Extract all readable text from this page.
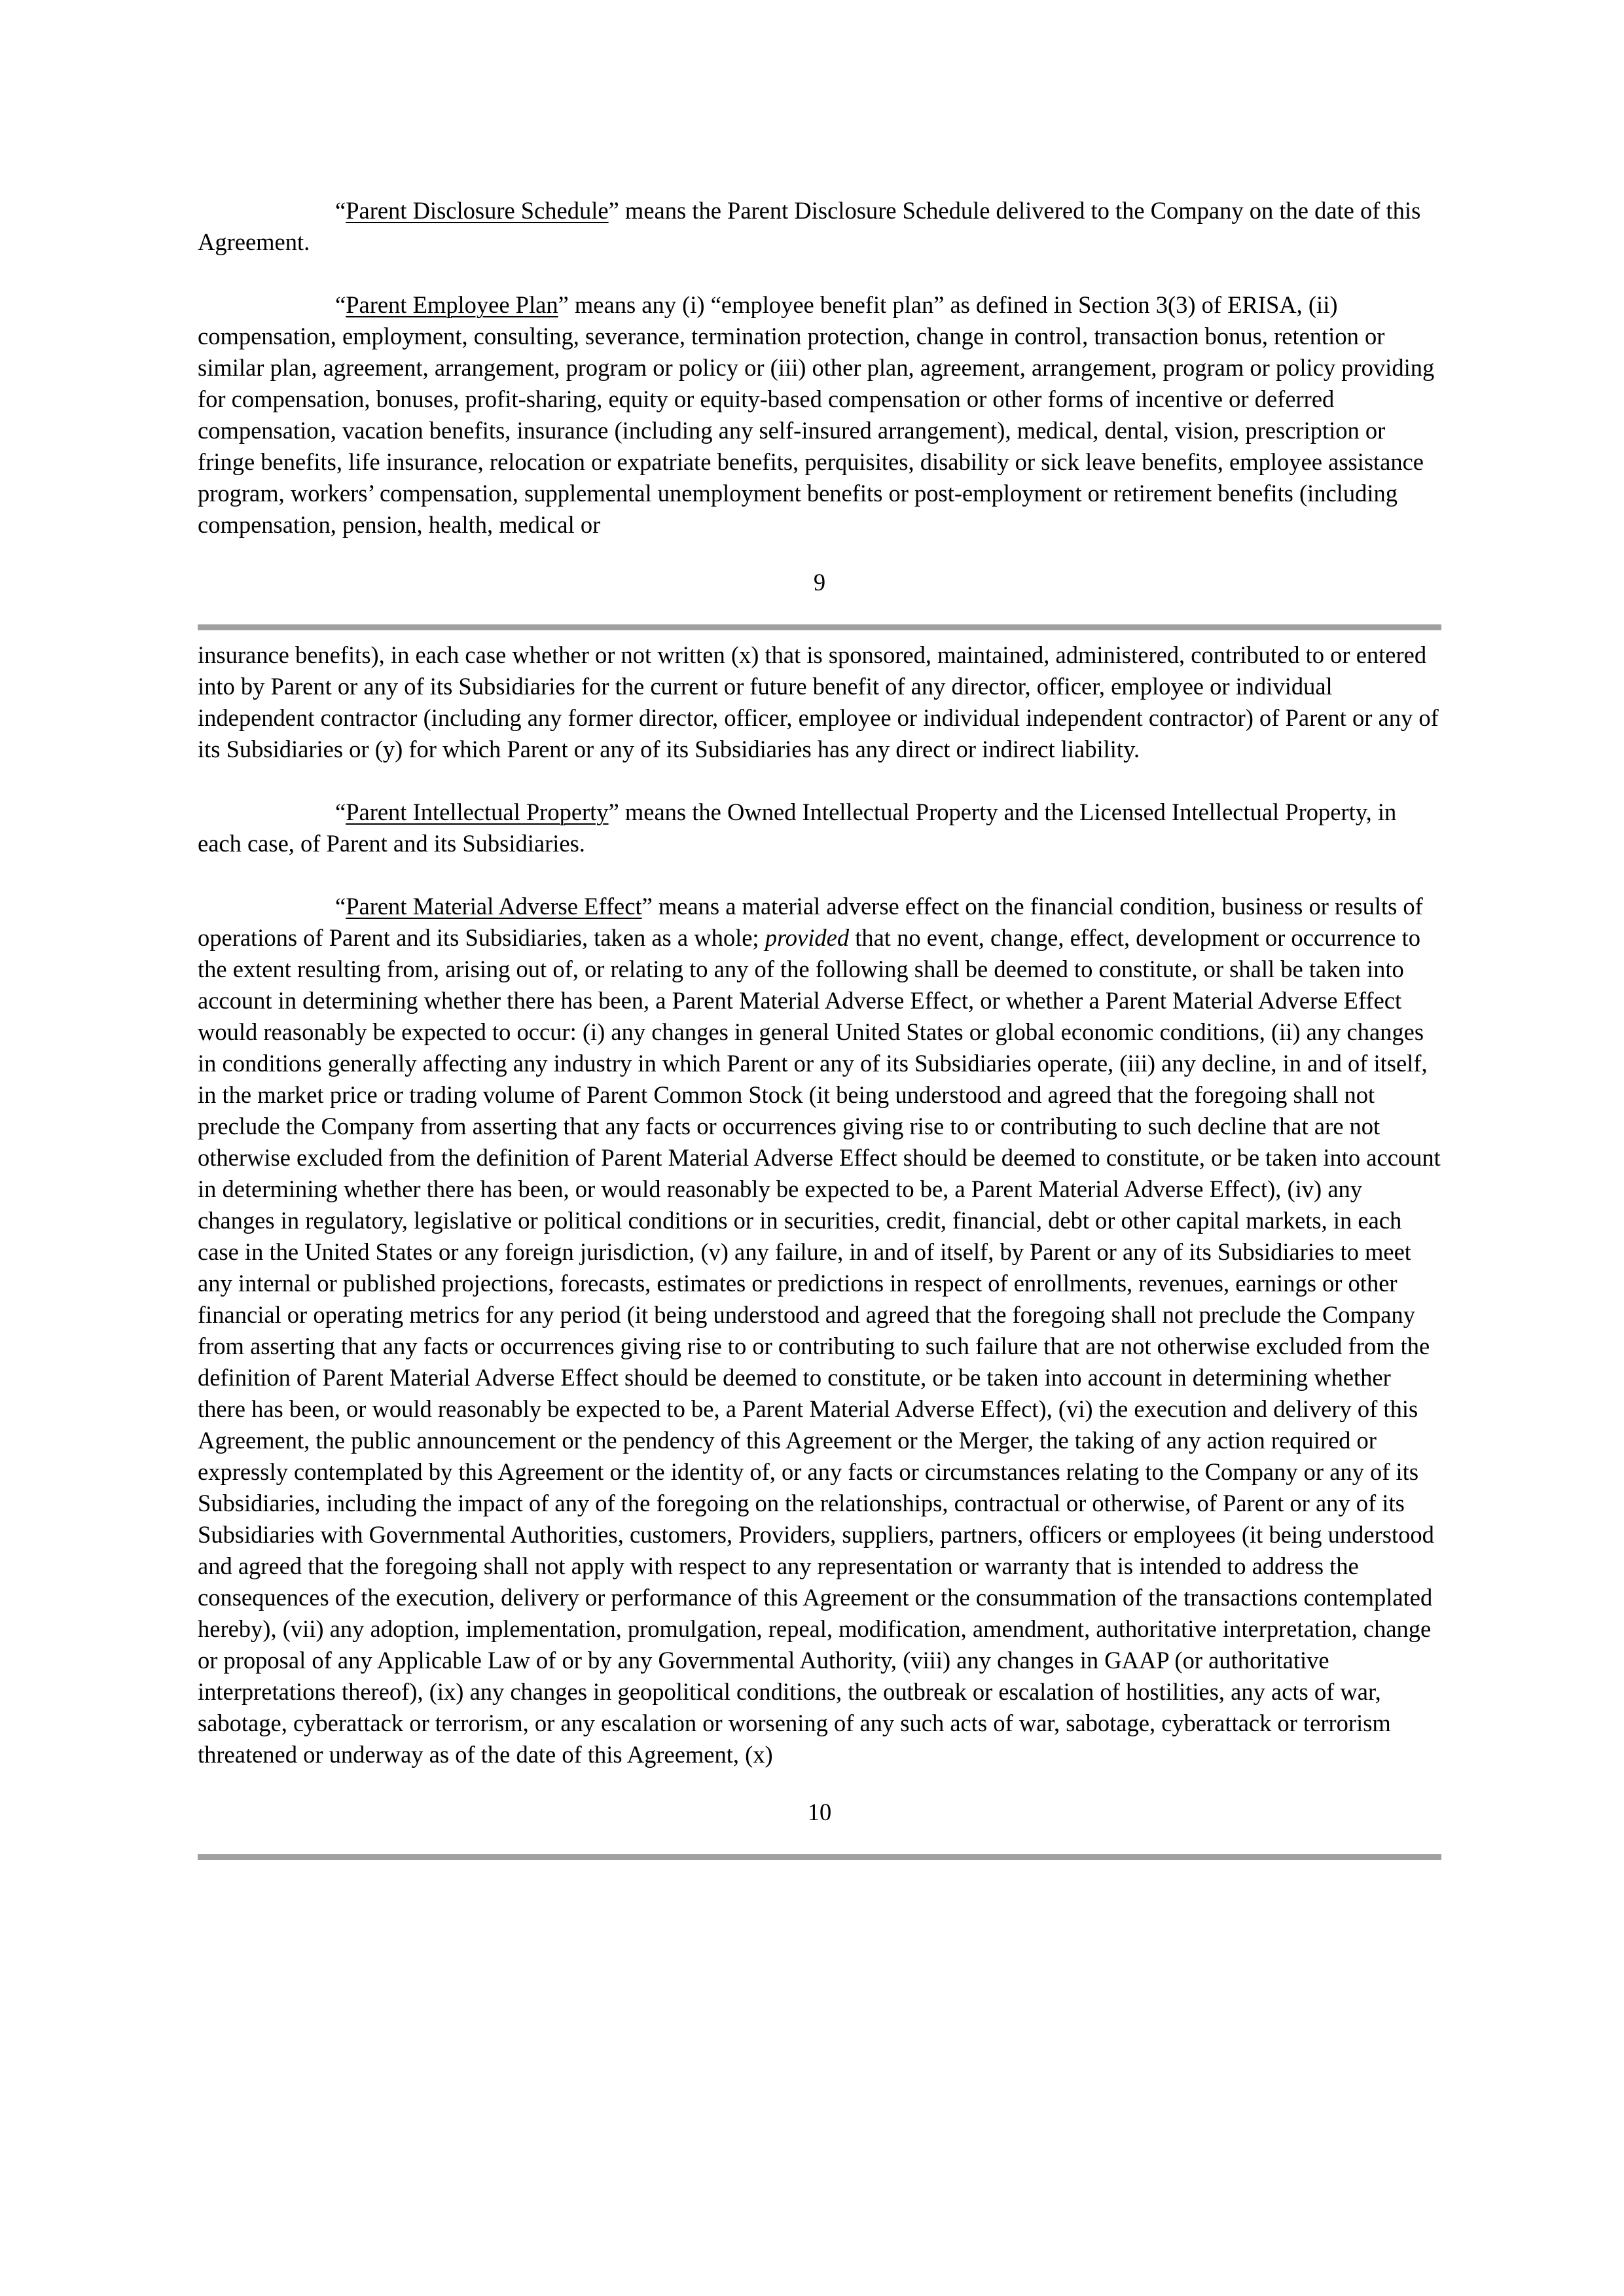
“Parent Disclosure Schedule” means the Parent Disclosure Schedule delivered to the Company on the date of this Agreement.

“Parent Employee Plan” means any (i) “employee benefit plan” as defined in Section 3(3) of ERISA, (ii) compensation, employment, consulting, severance, termination protection, change in control, transaction bonus, retention or similar plan, agreement, arrangement, program or policy or (iii) other plan, agreement, arrangement, program or policy providing for compensation, bonuses, profit-sharing, equity or equity-based compensation or other forms of incentive or deferred compensation, vacation benefits, insurance (including any self-insured arrangement), medical, dental, vision, prescription or fringe benefits, life insurance, relocation or expatriate benefits, perquisites, disability or sick leave benefits, employee assistance program, workers’ compensation, supplemental unemployment benefits or post-employment or retirement benefits (including compensation, pension, health, medical or

9

insurance benefits), in each case whether or not written (x) that is sponsored, maintained, administered, contributed to or entered into by Parent or any of its Subsidiaries for the current or future benefit of any director, officer, employee or individual independent contractor (including any former director, officer, employee or individual independent contractor) of Parent or any of its Subsidiaries or (y) for which Parent or any of its Subsidiaries has any direct or indirect liability.

“Parent Intellectual Property” means the Owned Intellectual Property and the Licensed Intellectual Property, in each case, of Parent and its Subsidiaries.

“Parent Material Adverse Effect” means a material adverse effect on the financial condition, business or results of operations of Parent and its Subsidiaries, taken as a whole; provided that no event, change, effect, development or occurrence to the extent resulting from, arising out of, or relating to any of the following shall be deemed to constitute, or shall be taken into account in determining whether there has been, a Parent Material Adverse Effect, or whether a Parent Material Adverse Effect would reasonably be expected to occur: (i) any changes in general United States or global economic conditions, (ii) any changes in conditions generally affecting any industry in which Parent or any of its Subsidiaries operate, (iii) any decline, in and of itself, in the market price or trading volume of Parent Common Stock (it being understood and agreed that the foregoing shall not preclude the Company from asserting that any facts or occurrences giving rise to or contributing to such decline that are not otherwise excluded from the definition of Parent Material Adverse Effect should be deemed to constitute, or be taken into account in determining whether there has been, or would reasonably be expected to be, a Parent Material Adverse Effect), (iv) any changes in regulatory, legislative or political conditions or in securities, credit, financial, debt or other capital markets, in each case in the United States or any foreign jurisdiction, (v) any failure, in and of itself, by Parent or any of its Subsidiaries to meet any internal or published projections, forecasts, estimates or predictions in respect of enrollments, revenues, earnings or other financial or operating metrics for any period (it being understood and agreed that the foregoing shall not preclude the Company from asserting that any facts or occurrences giving rise to or contributing to such failure that are not otherwise excluded from the definition of Parent Material Adverse Effect should be deemed to constitute, or be taken into account in determining whether there has been, or would reasonably be expected to be, a Parent Material Adverse Effect), (vi) the execution and delivery of this Agreement, the public announcement or the pendency of this Agreement or the Merger, the taking of any action required or expressly contemplated by this Agreement or the identity of, or any facts or circumstances relating to the Company or any of its Subsidiaries, including the impact of any of the foregoing on the relationships, contractual or otherwise, of Parent or any of its Subsidiaries with Governmental Authorities, customers, Providers, suppliers, partners, officers or employees (it being understood and agreed that the foregoing shall not apply with respect to any representation or warranty that is intended to address the consequences of the execution, delivery or performance of this Agreement or the consummation of the transactions contemplated hereby), (vii) any adoption, implementation, promulgation, repeal, modification, amendment, authoritative interpretation, change or proposal of any Applicable Law of or by any Governmental Authority, (viii) any changes in GAAP (or authoritative interpretations thereof), (ix) any changes in geopolitical conditions, the outbreak or escalation of hostilities, any acts of war, sabotage, cyberattack or terrorism, or any escalation or worsening of any such acts of war, sabotage, cyberattack or terrorism threatened or underway as of the date of this Agreement, (x)

10
